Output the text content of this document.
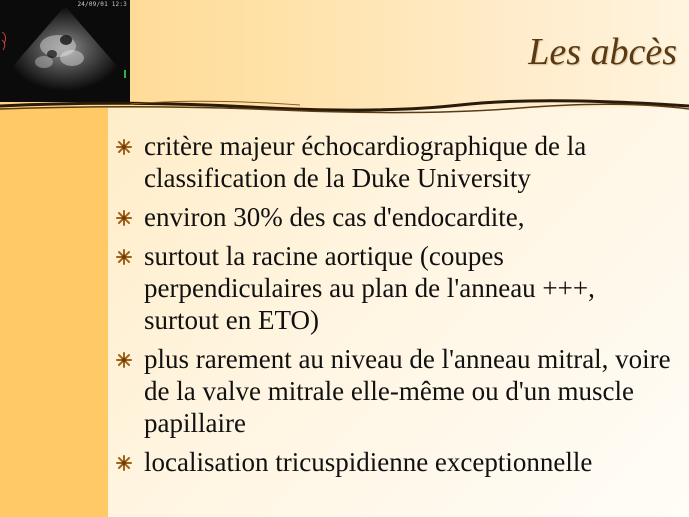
24/09/01 12:3
Les abcès
critère majeur échocardiographique de la classification de la Duke University
environ 30% des cas d'endocardite,
surtout la racine aortique (coupes perpendiculaires au plan de l'anneau +++, surtout en ETO)
plus rarement au niveau de l'anneau mitral, voire de la valve mitrale elle-même ou d'un muscle papillaire
localisation tricuspidienne exceptionnelle
